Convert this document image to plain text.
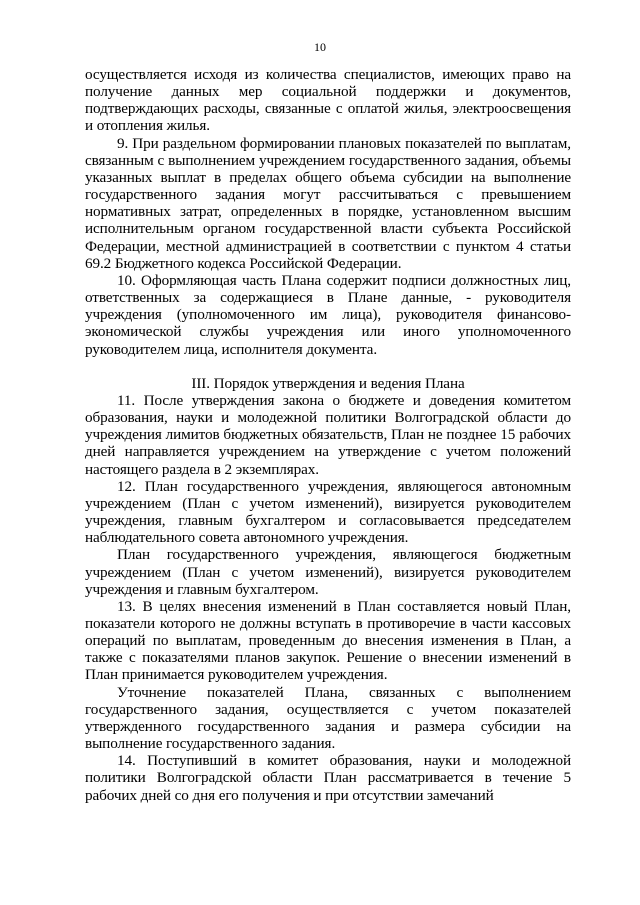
10

осуществляется исходя из количества специалистов, имеющих право на получение данных мер социальной поддержки и документов, подтверждающих расходы, связанные с оплатой жилья, электроосвещения и отопления жилья.

9. При раздельном формировании плановых показателей по выплатам, связанным с выполнением учреждением государственного задания, объемы указанных выплат в пределах общего объема субсидии на выполнение государственного задания могут рассчитываться с превышением нормативных затрат, определенных в порядке, установленном высшим исполнительным органом государственной власти субъекта Российской Федерации, местной администрацией в соответствии с пунктом 4 статьи 69.2 Бюджетного кодекса Российской Федерации.

10. Оформляющая часть Плана содержит подписи должностных лиц, ответственных за содержащиеся в Плане данные, - руководителя учреждения (уполномоченного им лица), руководителя финансово-экономической службы учреждения или иного уполномоченного руководителем лица, исполнителя документа.

III. Порядок утверждения и ведения Плана

11. После утверждения закона о бюджете и доведения комитетом образования, науки и молодежной политики Волгоградской области до учреждения лимитов бюджетных обязательств, План не позднее 15 рабочих дней направляется учреждением на утверждение с учетом положений настоящего раздела в 2 экземплярах.

12. План государственного учреждения, являющегося автономным учреждением (План с учетом изменений), визируется руководителем учреждения, главным бухгалтером и согласовывается председателем наблюдательного совета автономного учреждения.

План государственного учреждения, являющегося бюджетным учреждением (План с учетом изменений), визируется руководителем учреждения и главным бухгалтером.

13. В целях внесения изменений в План составляется новый План, показатели которого не должны вступать в противоречие в части кассовых операций по выплатам, проведенным до внесения изменения в План, а также с показателями планов закупок. Решение о внесении изменений в План принимается руководителем учреждения.

Уточнение показателей Плана, связанных с выполнением государственного задания, осуществляется с учетом показателей утвержденного государственного задания и размера субсидии на выполнение государственного задания.

14. Поступивший в комитет образования, науки и молодежной политики Волгоградской области План рассматривается в течение 5 рабочих дней со дня его получения и при отсутствии замечаний
